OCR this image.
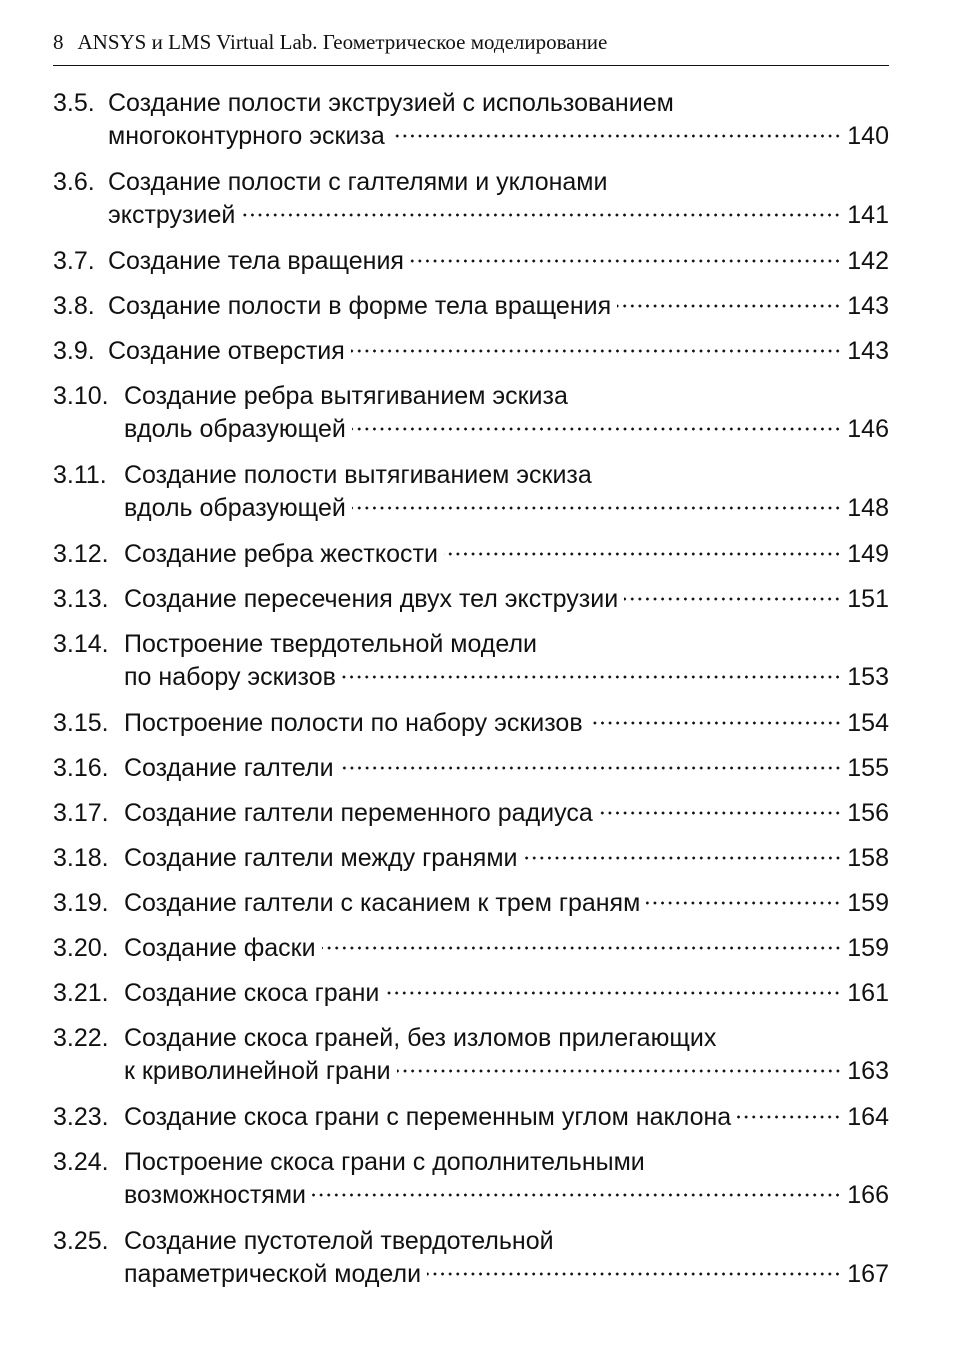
8 ANSYS и LMS Virtual Lab. Геометрическое моделирование
3.5. Создание полости экструзией с использованием
многоконтурного эскиза	140
3.6. Создание полости с галтелями и уклонами
экструзией	141
3.7. Создание тела вращения	142
3.8. Создание полости в форме тела вращения	143
3.9. Создание отверстия	143
3.10. Создание ребра вытягиванием эскиза
вдоль образующей	146
3.11. Создание полости вытягиванием эскиза
вдоль образующей	148
3.12. Создание ребра жесткости	149
3.13. Создание пересечения двух тел экструзии	151
3.14. Построение твердотельной модели
по набору эскизов	153
3.15. Построение полости по набору эскизов	154
3.16. Создание галтели	155
3.17. Создание галтели переменного радиуса	156
3.18. Создание галтели между гранями	158
3.19. Создание галтели с касанием к трем граням	159
3.20. Создание фаски	159
3.21. Создание скоса грани	161
3.22. Создание скоса граней, без изломов прилегающих
к криволинейной грани	163
3.23. Создание скоса грани с переменным углом наклона	164
3.24. Построение скоса грани с дополнительными
возможностями	166
3.25. Создание пустотелой твердотельной
параметрической модели	167
